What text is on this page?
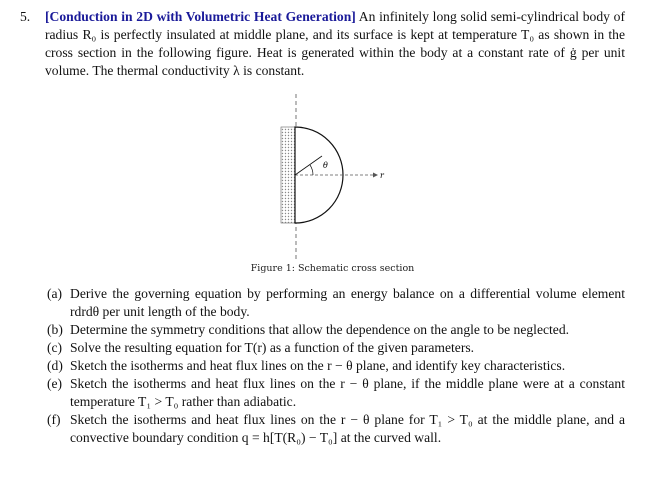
5.	[Conduction in 2D with Volumetric Heat Generation] An infinitely long solid semi-cylindrical body of radius R₀ is perfectly insulated at middle plane, and its surface is kept at temperature T₀ as shown in the cross section in the following figure. Heat is generated within the body at a constant rate of ġ per unit volume. The thermal conductivity λ is constant.
θ
r
Figure 1: Schematic cross section
(a) Derive the governing equation by performing an energy balance on a differential volume element rdrdθ per unit length of the body.
(b) Determine the symmetry conditions that allow the dependence on the angle to be neglected.
(c) Solve the resulting equation for T(r) as a function of the given parameters.
(d) Sketch the isotherms and heat flux lines on the r − θ plane, and identify key characteristics.
(e) Sketch the isotherms and heat flux lines on the r − θ plane, if the middle plane were at a constant temperature T₁ > T₀ rather than adiabatic.
(f) Sketch the isotherms and heat flux lines on the r − θ plane for T₁ > T₀ at the middle plane, and a convective boundary condition q = h[T(R₀) − T₀] at the curved wall.
